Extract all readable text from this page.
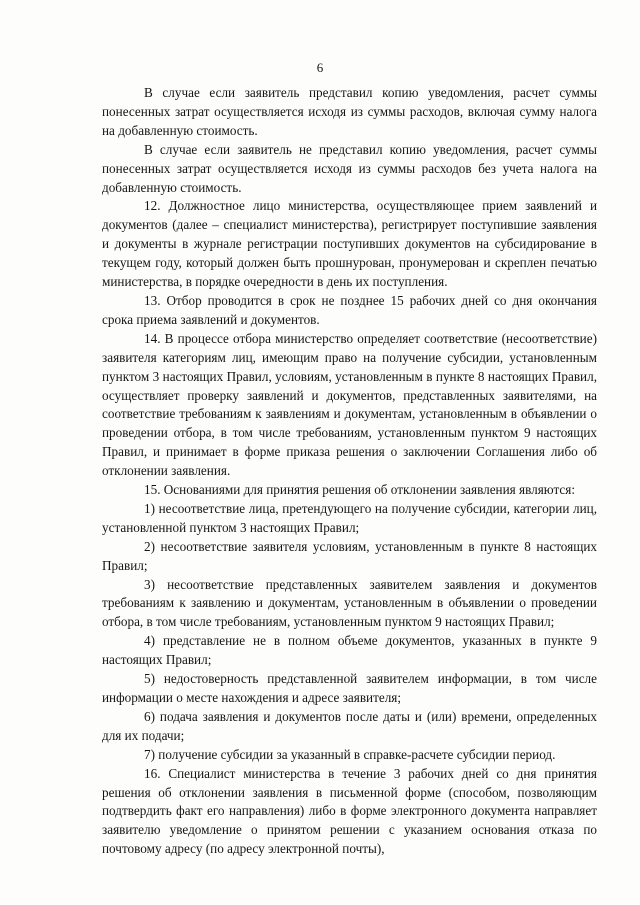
6

В случае если заявитель представил копию уведомления, расчет суммы понесенных затрат осуществляется исходя из суммы расходов, включая сумму налога на добавленную стоимость.

В случае если заявитель не представил копию уведомления, расчет суммы понесенных затрат осуществляется исходя из суммы расходов без учета налога на добавленную стоимость.

12. Должностное лицо министерства, осуществляющее прием заявлений и документов (далее – специалист министерства), регистрирует поступившие заявления и документы в журнале регистрации поступивших документов на субсидирование в текущем году, который должен быть прошнурован, пронумерован и скреплен печатью министерства, в порядке очередности в день их поступления.

13. Отбор проводится в срок не позднее 15 рабочих дней со дня окончания срока приема заявлений и документов.

14. В процессе отбора министерство определяет соответствие (несоответствие) заявителя категориям лиц, имеющим право на получение субсидии, установленным пунктом 3 настоящих Правил, условиям, установленным в пункте 8 настоящих Правил, осуществляет проверку заявлений и документов, представленных заявителями, на соответствие требованиям к заявлениям и документам, установленным в объявлении о проведении отбора, в том числе требованиям, установленным пунктом 9 настоящих Правил, и принимает в форме приказа решения о заключении Соглашения либо об отклонении заявления.

15. Основаниями для принятия решения об отклонении заявления являются:

1) несоответствие лица, претендующего на получение субсидии, категории лиц, установленной пунктом 3 настоящих Правил;

2) несоответствие заявителя условиям, установленным в пункте 8 настоящих Правил;

3) несоответствие представленных заявителем заявления и документов требованиям к заявлению и документам, установленным в объявлении о проведении отбора, в том числе требованиям, установленным пунктом 9 настоящих Правил;

4) представление не в полном объеме документов, указанных в пункте 9 настоящих Правил;

5) недостоверность представленной заявителем информации, в том числе информации о месте нахождения и адресе заявителя;

6) подача заявления и документов после даты и (или) времени, определенных для их подачи;

7) получение субсидии за указанный в справке-расчете субсидии период.

16. Специалист министерства в течение 3 рабочих дней со дня принятия решения об отклонении заявления в письменной форме (способом, позволяющим подтвердить факт его направления) либо в форме электронного документа направляет заявителю уведомление о принятом решении с указанием основания отказа по почтовому адресу (по адресу электронной почты),
